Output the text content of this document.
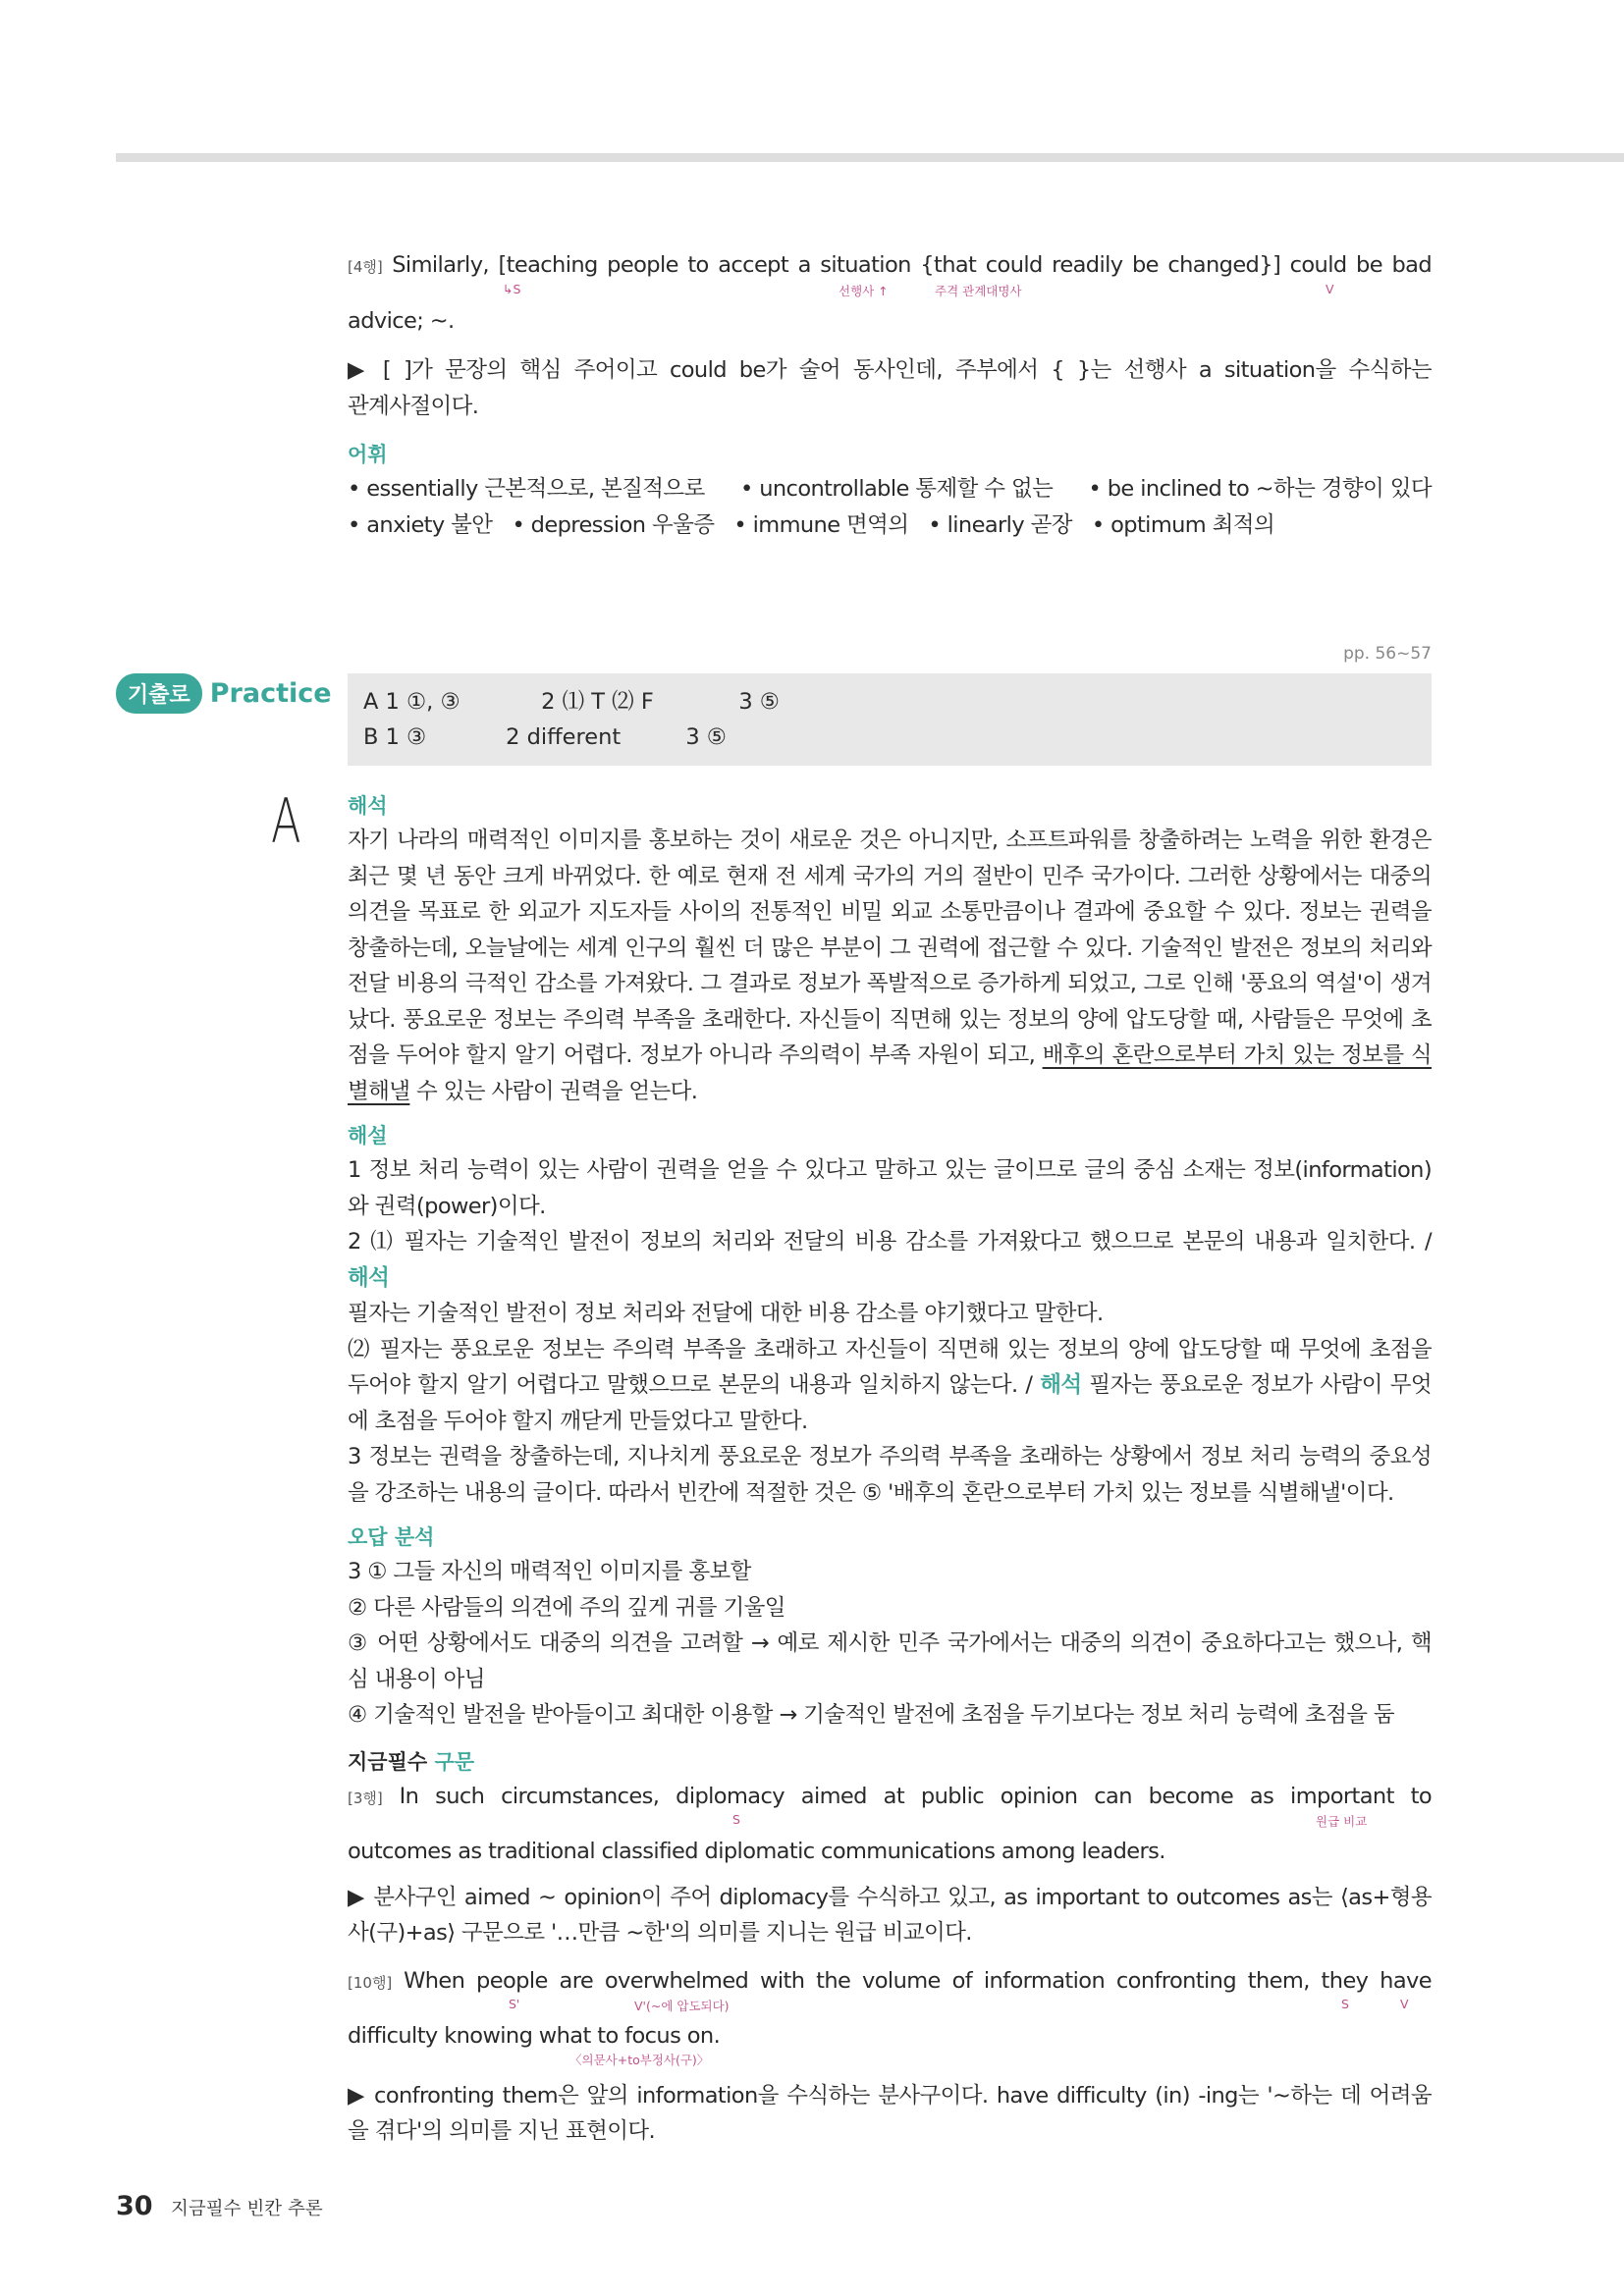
[4행] Similarly, [teaching people to accept a situation {that could readily be changed}] could be bad
↳S	선행사 ↑	주격 관계대명사	V
advice; ~.
▶ [ ]가 문장의 핵심 주어이고 could be가 술어 동사인데, 주부에서 { }는 선행사 a situation을 수식하는 관계사절이다.
어휘
• essentially 근본적으로, 본질적으로 • uncontrollable 통제할 수 없는 • be inclined to ~하는 경향이 있다
• anxiety 불안 • depression 우울증 • immune 면역의 • linearly 곧장 • optimum 최적의
pp. 56~57
기출로 Practice A 1 ①, ③	2 ⑴ T ⑵ F	3 ⑤
B 1 ③	2 different	3 ⑤
A 해석
자기 나라의 매력적인 이미지를 홍보하는 것이 새로운 것은 아니지만, 소프트파워를 창출하려는 노력을 위한 환경은
최근 몇 년 동안 크게 바뀌었다. 한 예로 현재 전 세계 국가의 거의 절반이 민주 국가이다. 그러한 상황에서는 대중의
의견을 목표로 한 외교가 지도자들 사이의 전통적인 비밀 외교 소통만큼이나 결과에 중요할 수 있다. 정보는 권력을
창출하는데, 오늘날에는 세계 인구의 훨씬 더 많은 부분이 그 권력에 접근할 수 있다. 기술적인 발전은 정보의 처리와
전달 비용의 극적인 감소를 가져왔다. 그 결과로 정보가 폭발적으로 증가하게 되었고, 그로 인해 '풍요의 역설'이 생겨
났다. 풍요로운 정보는 주의력 부족을 초래한다. 자신들이 직면해 있는 정보의 양에 압도당할 때, 사람들은 무엇에 초
점을 두어야 할지 알기 어렵다. 정보가 아니라 주의력이 부족 자원이 되고, 배후의 혼란으로부터 가치 있는 정보를 식
별해낼 수 있는 사람이 권력을 얻는다.
해설
1 정보 처리 능력이 있는 사람이 권력을 얻을 수 있다고 말하고 있는 글이므로 글의 중심 소재는 정보(information)
와 권력(power)이다.
2 ⑴ 필자는 기술적인 발전이 정보의 처리와 전달의 비용 감소를 가져왔다고 했으므로 본문의 내용과 일치한다. / 해석
필자는 기술적인 발전이 정보 처리와 전달에 대한 비용 감소를 야기했다고 말한다.
⑵ 필자는 풍요로운 정보는 주의력 부족을 초래하고 자신들이 직면해 있는 정보의 양에 압도당할 때 무엇에 초점을
두어야 할지 알기 어렵다고 말했으므로 본문의 내용과 일치하지 않는다. / 해석 필자는 풍요로운 정보가 사람이 무엇
에 초점을 두어야 할지 깨닫게 만들었다고 말한다.
3 정보는 권력을 창출하는데, 지나치게 풍요로운 정보가 주의력 부족을 초래하는 상황에서 정보 처리 능력의 중요성
을 강조하는 내용의 글이다. 따라서 빈칸에 적절한 것은 ⑤ '배후의 혼란으로부터 가치 있는 정보를 식별해낼'이다.
오답 분석
3 ① 그들 자신의 매력적인 이미지를 홍보할
② 다른 사람들의 의견에 주의 깊게 귀를 기울일
③ 어떤 상황에서도 대중의 의견을 고려할 → 예로 제시한 민주 국가에서는 대중의 의견이 중요하다고는 했으나, 핵
심 내용이 아님
④ 기술적인 발전을 받아들이고 최대한 이용할 → 기술적인 발전에 초점을 두기보다는 정보 처리 능력에 초점을 둠
지금필수 구문
[3행] In such circumstances, diplomacy aimed at public opinion can become as important to
S	원급 비교
outcomes as traditional classified diplomatic communications among leaders.
▶ 분사구인 aimed ~ opinion이 주어 diplomacy를 수식하고 있고, as important to outcomes as는 ⟨as+형용
사(구)+as⟩ 구문으로 '…만큼 ~한'의 의미를 지니는 원급 비교이다.
[10행] When people are overwhelmed with the volume of information confronting them, they have
S'	V'(~에 압도되다)	S	V
difficulty knowing what to focus on.
〈의문사+to부정사(구)〉
▶ confronting them은 앞의 information을 수식하는 분사구이다. have difficulty (in) -ing는 '~하는 데 어려움
을 겪다'의 의미를 지닌 표현이다.
30 지금필수 빈칸 추론
